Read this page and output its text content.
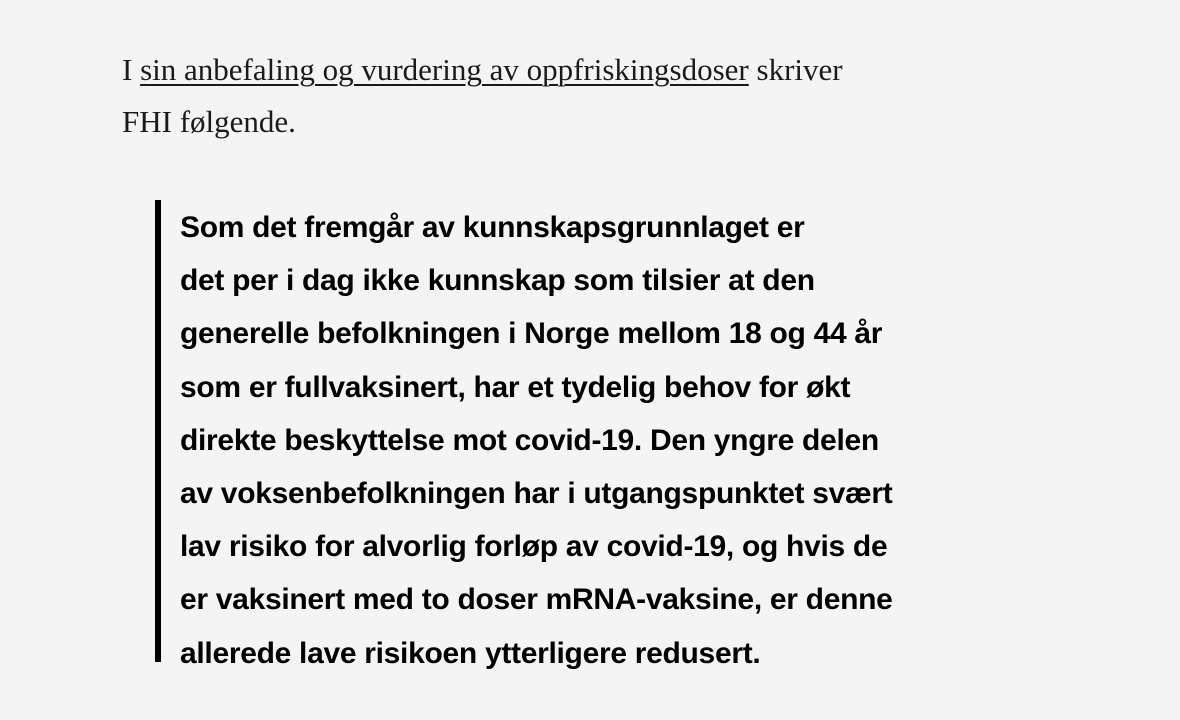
I sin anbefaling og vurdering av oppfriskingsdoser skriver
FHI følgende.
Som det fremgår av kunnskapsgrunnlaget er
det per i dag ikke kunnskap som tilsier at den
generelle befolkningen i Norge mellom 18 og 44 år
som er fullvaksinert, har et tydelig behov for økt
direkte beskyttelse mot covid-19. Den yngre delen
av voksenbefolkningen har i utgangspunktet svært
lav risiko for alvorlig forløp av covid-19, og hvis de
er vaksinert med to doser mRNA-vaksine, er denne
allerede lave risikoen ytterligere redusert.
